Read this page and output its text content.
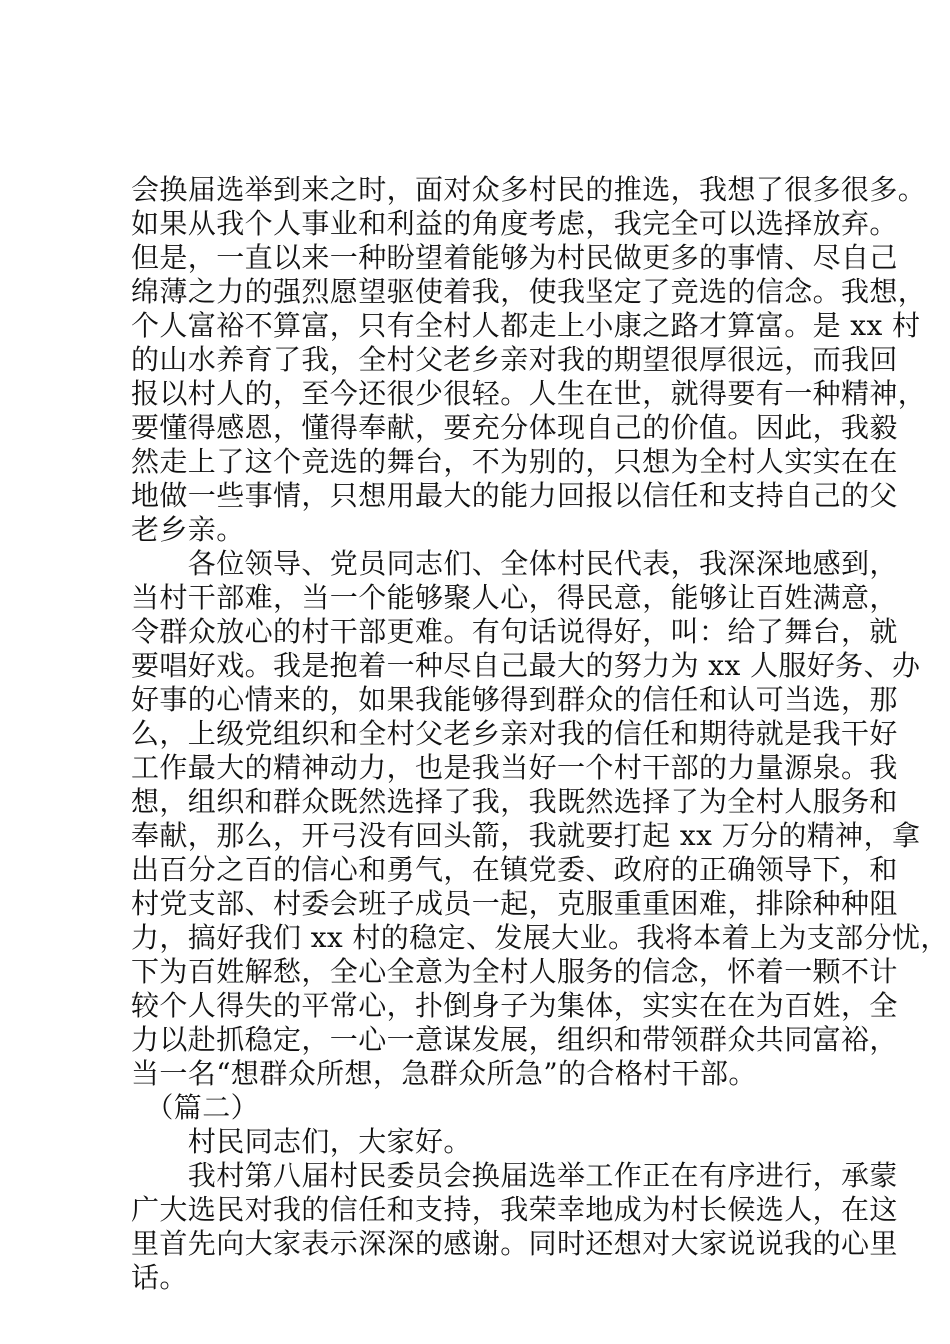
会换届选举到来之时，面对众多村民的推选，我想了很多很多。
如果从我个人事业和利益的角度考虑，我完全可以选择放弃。
但是，一直以来一种盼望着能够为村民做更多的事情、尽自己
绵薄之力的强烈愿望驱使着我，使我坚定了竞选的信念。我想，
个人富裕不算富，只有全村人都走上小康之路才算富。是 xx 村
的山水养育了我，全村父老乡亲对我的期望很厚很远，而我回
报以村人的，至今还很少很轻。人生在世，就得要有一种精神，
要懂得感恩，懂得奉献，要充分体现自己的价值。因此，我毅
然走上了这个竞选的舞台，不为别的，只想为全村人实实在在
地做一些事情，只想用最大的能力回报以信任和支持自己的父
老乡亲。
　　各位领导、党员同志们、全体村民代表，我深深地感到，
当村干部难，当一个能够聚人心，得民意，能够让百姓满意，
令群众放心的村干部更难。有句话说得好，叫：给了舞台，就
要唱好戏。我是抱着一种尽自己最大的努力为 xx 人服好务、办
好事的心情来的，如果我能够得到群众的信任和认可当选，那
么，上级党组织和全村父老乡亲对我的信任和期待就是我干好
工作最大的精神动力，也是我当好一个村干部的力量源泉。我
想，组织和群众既然选择了我，我既然选择了为全村人服务和
奉献，那么，开弓没有回头箭，我就要打起 xx 万分的精神，拿
出百分之百的信心和勇气，在镇党委、政府的正确领导下，和
村党支部、村委会班子成员一起，克服重重困难，排除种种阻
力，搞好我们 xx 村的稳定、发展大业。我将本着上为支部分忧，
下为百姓解愁，全心全意为全村人服务的信念，怀着一颗不计
较个人得失的平常心，扑倒身子为集体，实实在在为百姓，全
力以赴抓稳定，一心一意谋发展，组织和带领群众共同富裕，
当一名“想群众所想，急群众所急”的合格村干部。
　（篇二）
　　村民同志们，大家好。
　　我村第八届村民委员会换届选举工作正在有序进行，承蒙
广大选民对我的信任和支持，我荣幸地成为村长候选人，在这
里首先向大家表示深深的感谢。同时还想对大家说说我的心里
话。
